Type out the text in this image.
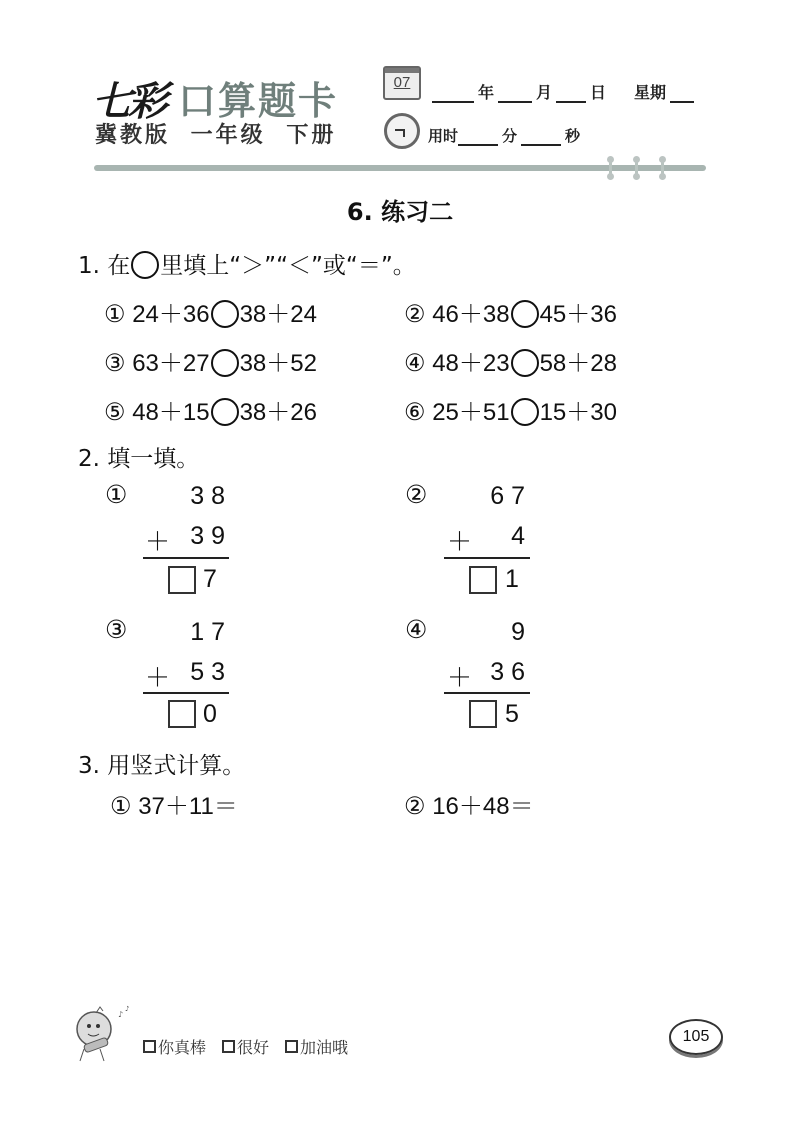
七彩 口算题卡
冀教版 一年级 下册
07
年	月 日 星期
用时	分	秒
6. 练习二
1. 在 里填上“＞”“＜”或“＝”。
① 24＋36 38＋24	② 46＋38 45＋36
③ 63＋27 38＋52	④ 48＋23 58＋28
⑤ 48＋15 38＋26	⑥ 25＋51 15＋30
2. 填一填。
①	3 8
＋ 3 9
7
②	6 7
＋	4
1
③	1 7
＋ 5 3
0
④	9
＋ 3 6
5
3. 用竖式计算。
① 37＋11＝	② 16＋48＝
♪
♪
你真棒 很好 加油哦
105
